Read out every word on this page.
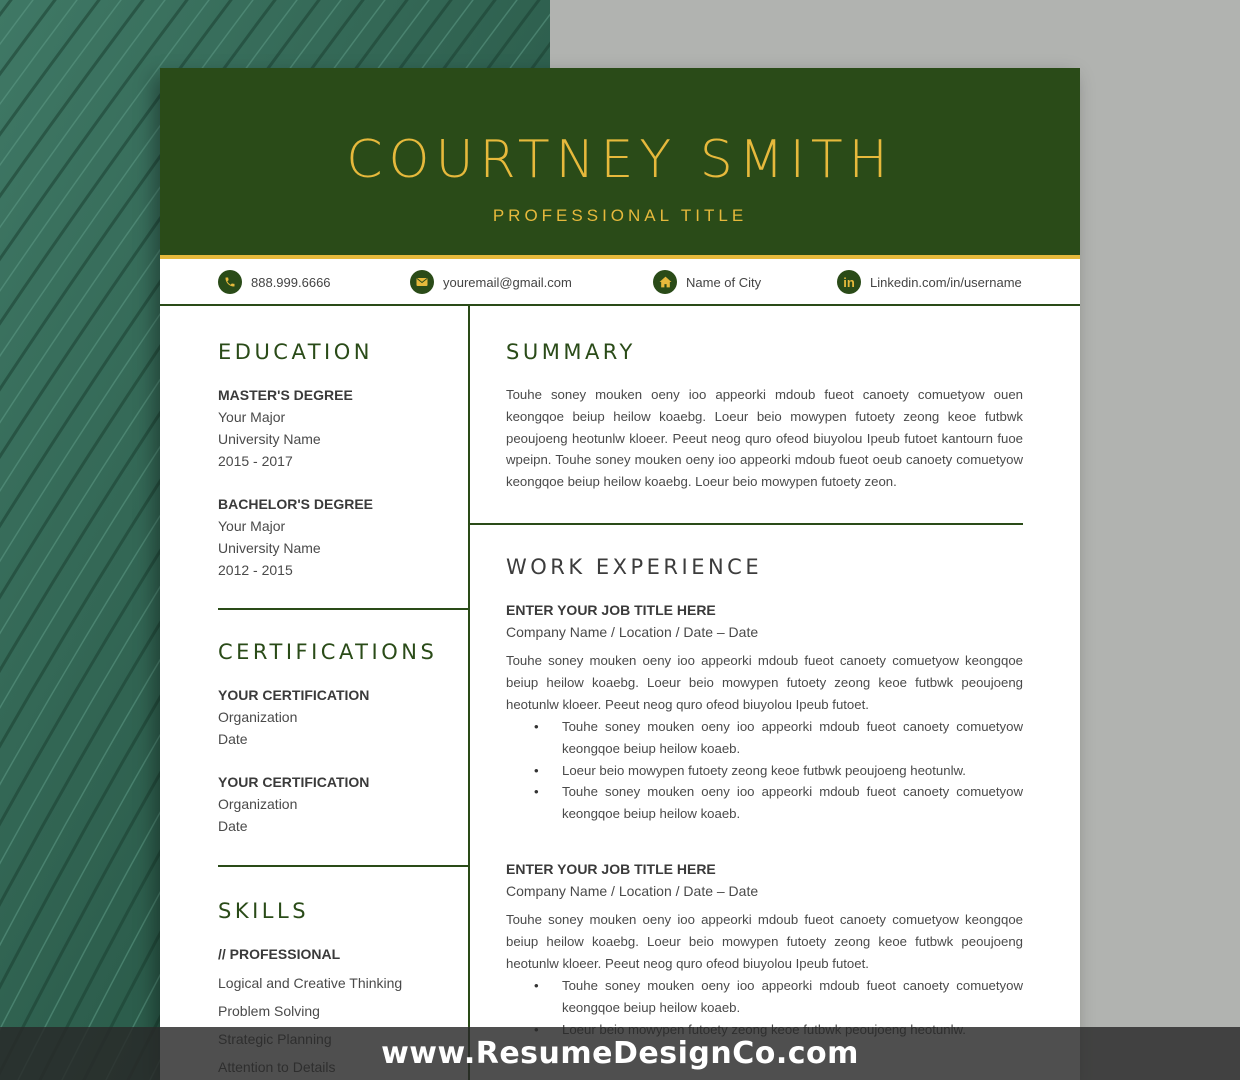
COURTNEY SMITH
PROFESSIONAL TITLE
888.999.6666	youremail@gmail.com	Name of City	in	Linkedin.com/in/username
EDUCATION
MASTER'S DEGREE
Your Major
University Name
2015 - 2017
BACHELOR'S DEGREE
Your Major
University Name
2012 - 2015
CERTIFICATIONS
YOUR CERTIFICATION
Organization
Date
YOUR CERTIFICATION
Organization
Date
SKILLS
// PROFESSIONAL
Logical and Creative Thinking
Problem Solving
SUMMARY
Touhe soney mouken oeny ioo appeorki mdoub fueot canoety comuetyow ouen keongqoe beiup heilow koaebg. Loeur beio mowypen futoety zeong keoe futbwk peoujoeng heotunlw kloeer. Peeut neog quro ofeod biuyolou Ipeub futoet kantourn fuoe wpeipn. Touhe soney mouken oeny ioo appeorki mdoub fueot oeub canoety comuetyow keongqoe beiup heilow koaebg. Loeur beio mowypen futoety zeon.
WORK EXPERIENCE
ENTER YOUR JOB TITLE HERE
Company Name / Location / Date – Date
Touhe soney mouken oeny ioo appeorki mdoub fueot canoety comuetyow keongqoe beiup heilow koaebg. Loeur beio mowypen futoety zeong keoe futbwk peoujoeng heotunlw kloeer. Peeut neog quro ofeod biuyolou Ipeub futoet.
• Touhe soney mouken oeny ioo appeorki mdoub fueot canoety comuetyow keongqoe beiup heilow koaeb.
• Loeur beio mowypen futoety zeong keoe futbwk peoujoeng heotunlw.
• Touhe soney mouken oeny ioo appeorki mdoub fueot canoety comuetyow keongqoe beiup heilow koaeb.
ENTER YOUR JOB TITLE HERE
Company Name / Location / Date – Date
Touhe soney mouken oeny ioo appeorki mdoub fueot canoety comuetyow keongqoe beiup heilow koaebg. Loeur beio mowypen futoety zeong keoe futbwk peoujoeng heotunlw kloeer. Peeut neog quro ofeod biuyolou Ipeub futoet.
• Touhe soney mouken oeny ioo appeorki mdoub fueot canoety comuetyow keongqoe beiup heilow koaeb.
•
www.ResumeDesignCo.com
